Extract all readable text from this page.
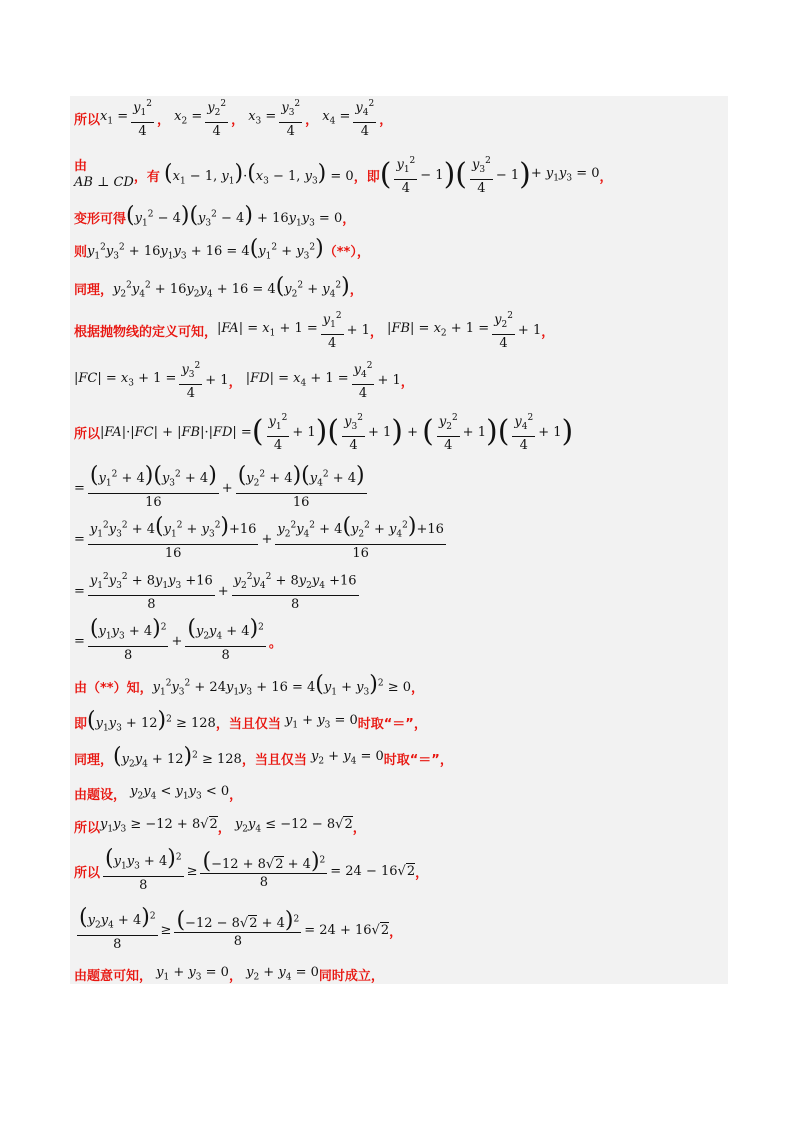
所以 $x_1 = \frac{y_1^2}{4}$ ， $x_2 = \frac{y_2^2}{4}$ ， $x_3 = \frac{y_3^2}{4}$ ， $x_4 = \frac{y_4^2}{4}$ ，
由
AB ⊥ CD ， 有 ($x_1 - 1$, $y_1)\cdot(x_3 - 1$, $y_3) = 0$ ， 即 ( $y_1^2$
4
− 1 ) ( $y_3^2$
4
− 1 ) + $y_1y_3 = 0$ ，
变形可得 $(y_1^2 - 4)(y_3^2 - 4) + 16y_1y_3 = 0$ ，
则 $y_1^2y_3^2 + 16y_1y_3 + 16 = 4(y_1^2 + y_3^2)$ （**），
同理， $y_2^2y_4^2 + 16y_2y_4 + 16 = 4(y_2^2 + y_4^2)$ ，
根据抛物线的定义可知， $|FA| = x_1 + 1 = \frac{y_1^2}{4} + 1$ ， $|FB| = x_2 + 1 = \frac{y_2^2}{4} + 1$ ，
$|FC| = x_3 + 1 = \frac{y_3^2}{4} + 1$ ， $|FD| = x_4 + 1 = \frac{y_4^2}{4} + 1$ ，
所以 |FA|·|FC| + |FB|·|FD| = ( $y_1^2$
4
+ 1 ) ( $y_3^2$
4
+ 1 ) + ( $y_2^2$
4
+ 1 ) ( $y_4^2$
4
+ 1 )
= $\frac{(y_1^2 + 4)(y_3^2 + 4)}{16} + \frac{(y_2^2 + 4)(y_4^2 + 4)}{16}$
= $\frac{y_1^2y_3^2 + 4(y_1^2 + y_3^2)+16}{16} + \frac{y_2^2y_4^2 + 4(y_2^2 + y_4^2)+16}{16}$
= $\frac{y_1^2y_3^2 + 8y_1y_3 +16}{8} + \frac{y_2^2y_4^2 + 8y_2y_4 +16}{8}$
= $\frac{(y_1y_3 + 4)^2}{8} + \frac{(y_2y_4 + 4)^2}{8}$ 。
由（**）知， $y_1^2y_3^2 + 24y_1y_3 + 16 = 4(y_1 + y_3)^2 \ge 0$ ，
即 $(y_1y_3 + 12)^2 \ge 128$ ，当且仅当 $y_1 + y_3 = 0$ 时取“＝”，
同理， $(y_2y_4 + 12)^2 \ge 128$ ，当且仅当 $y_2 + y_4 = 0$ 时取“＝”，
由题设， $y_2y_4 < y_1y_3 < 0$ ，
所以 $y_1y_3 \ge -12 + 8√2$ ， $y_2y_4 \le -12 - 8√2$ ，
所以 $\frac{(y_1y_3 + 4)^2}{8} \ge \frac{(-12 + 8√2 + 4)^2}{8} = 24 - 16√$ 2 ，
$\frac{(y_2y_4 + 4)^2}{8} \ge \frac{(-12 - 8√2 + 4)^2}{8} = 24 + 16√$ 2 ，
由题意可知， $y_1 + y_3 = 0$ ， $y_2 + y_4 = 0$ 同时成立，
